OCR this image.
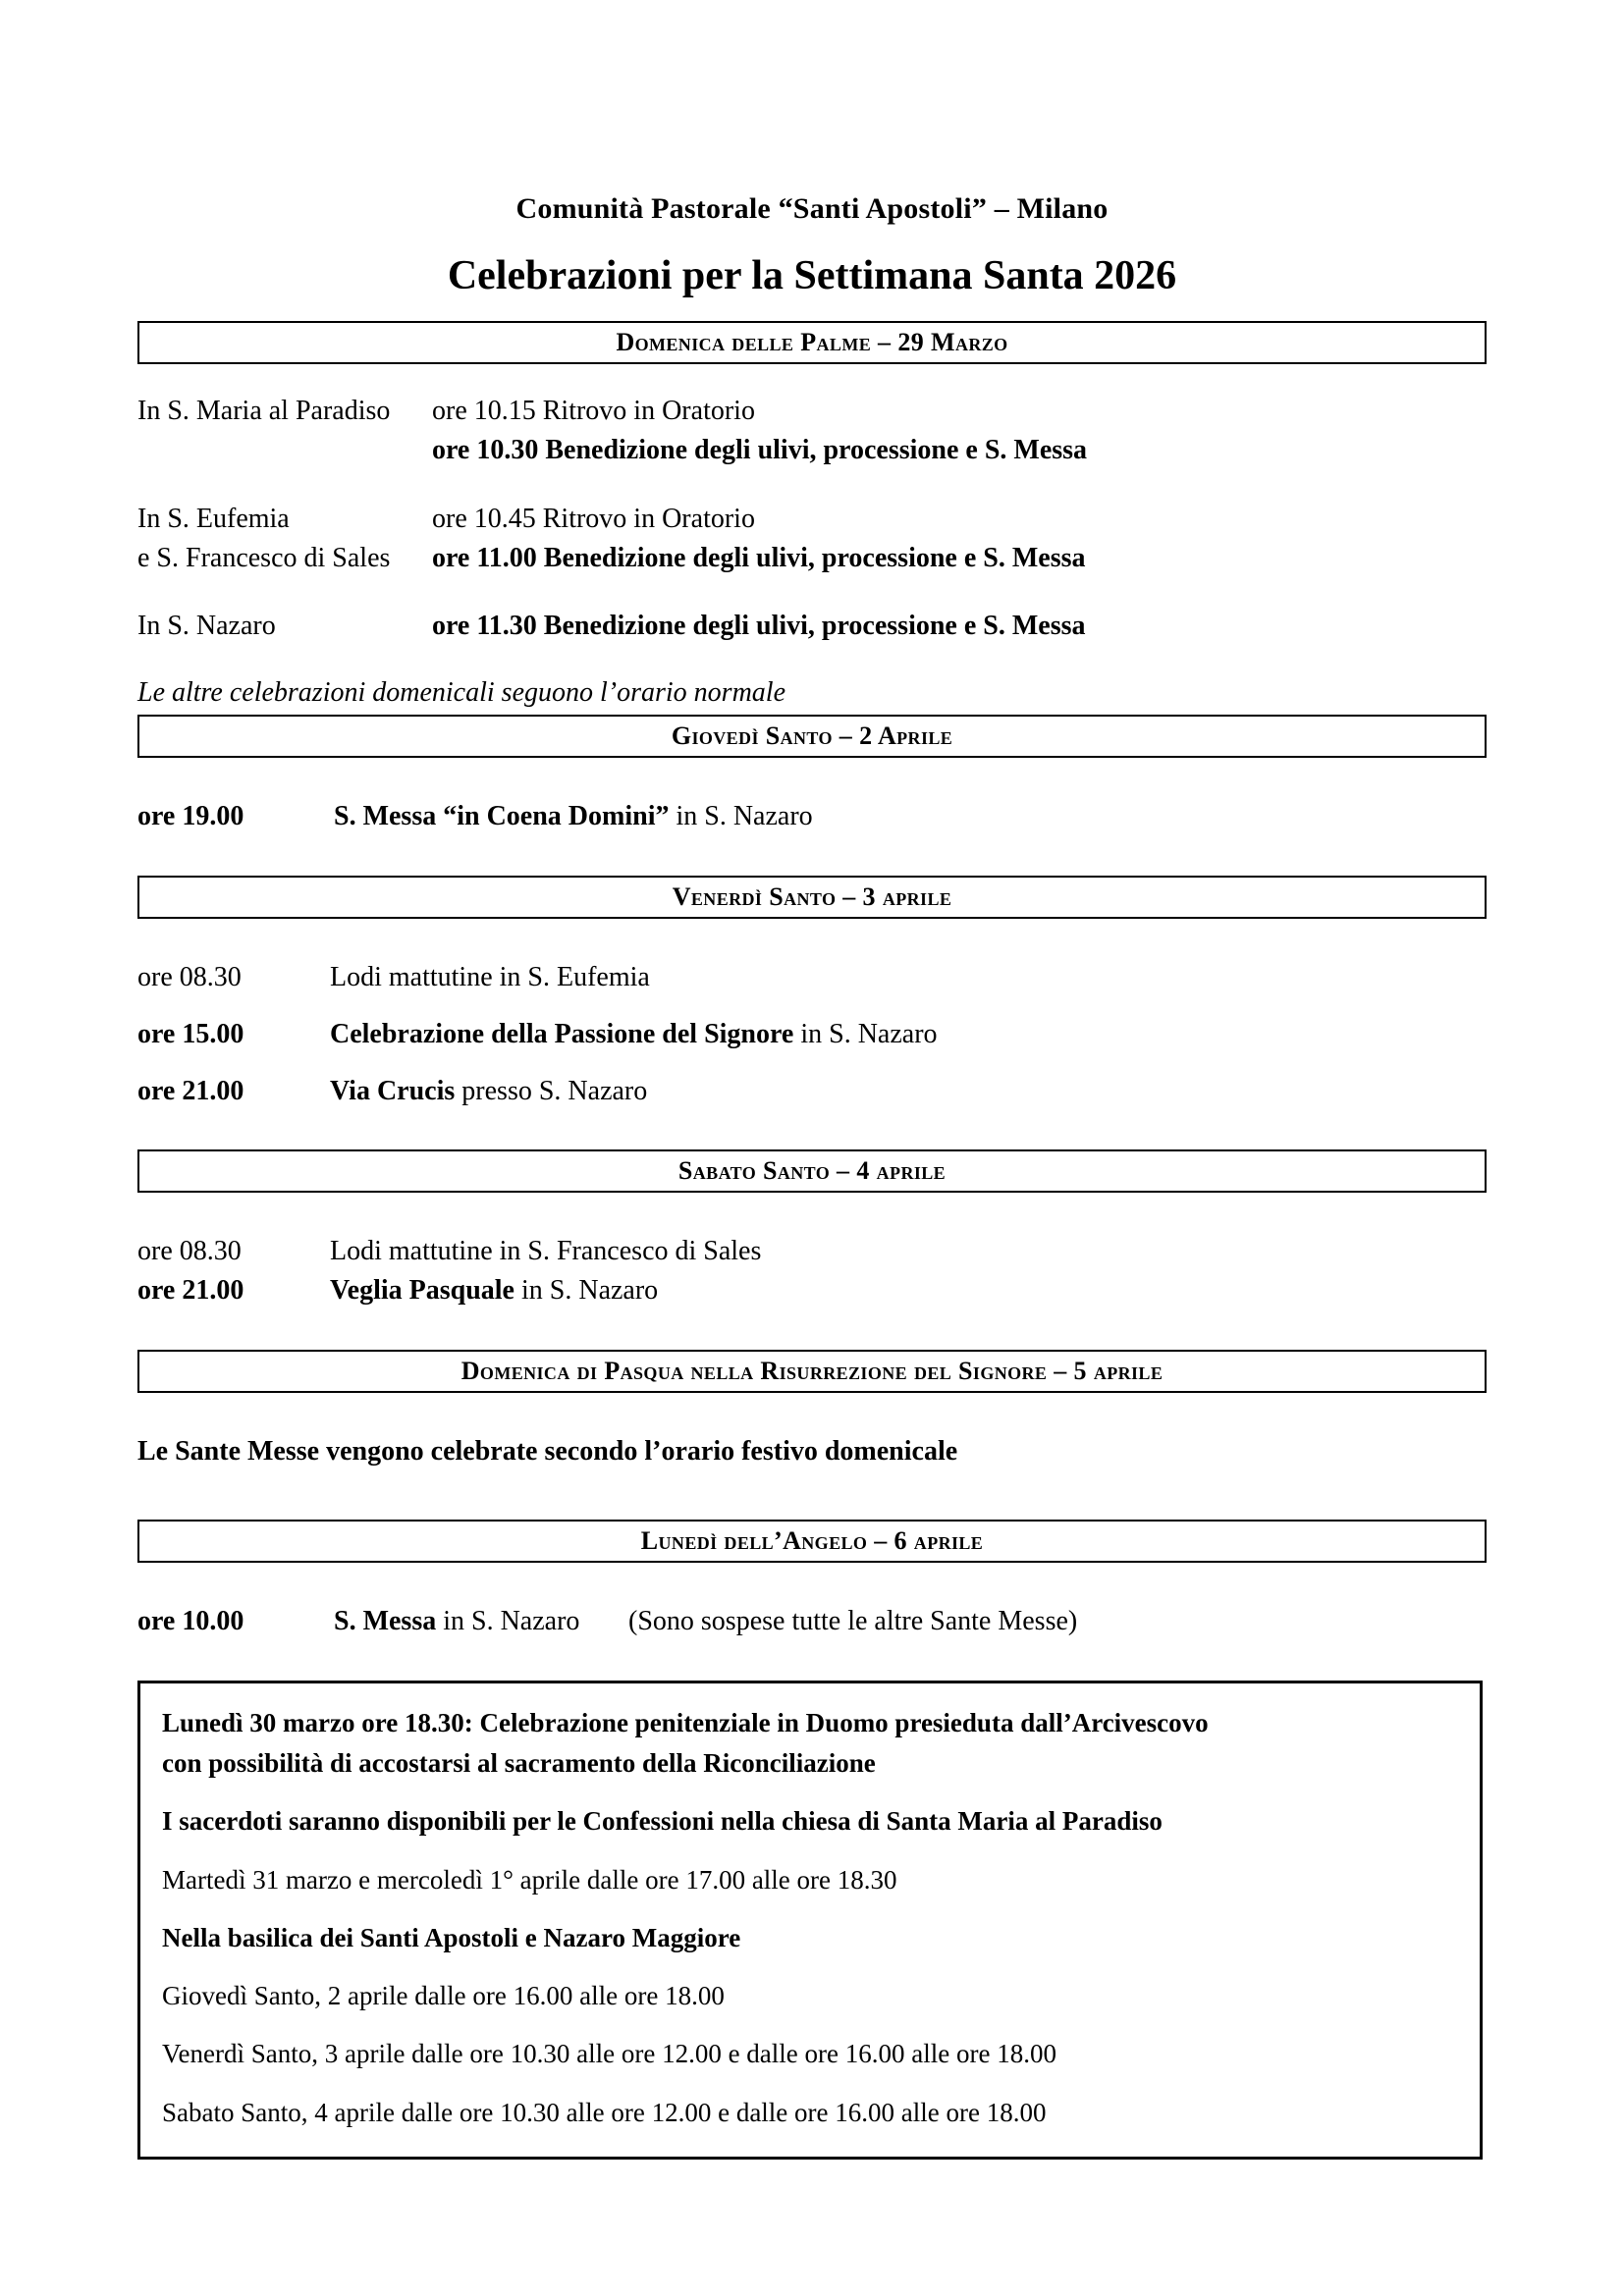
Comunità Pastorale “Santi Apostoli” – Milano
Celebrazioni per la Settimana Santa 2026
Domenica delle Palme – 29 Marzo
In S. Maria al Paradiso	ore 10.15 Ritrovo in Oratorio
ore 10.30 Benedizione degli ulivi, processione e S. Messa
In S. Eufemia	ore 10.45 Ritrovo in Oratorio
e S. Francesco di Sales	ore 11.00 Benedizione degli ulivi, processione e S. Messa
In S. Nazaro	ore 11.30 Benedizione degli ulivi, processione e S. Messa
Le altre celebrazioni domenicali seguono l’orario normale
Giovedì Santo – 2 Aprile
ore 19.00	S. Messa “in Coena Domini” in S. Nazaro
Venerdì Santo – 3 aprile
ore 08.30	Lodi mattutine in S. Eufemia
ore 15.00	Celebrazione della Passione del Signore in S. Nazaro
ore 21.00	Via Crucis presso S. Nazaro
Sabato Santo – 4 aprile
ore 08.30	Lodi mattutine in S. Francesco di Sales
ore 21.00	Veglia Pasquale in S. Nazaro
Domenica di Pasqua nella Risurrezione del Signore – 5 aprile
Le Sante Messe vengono celebrate secondo l’orario festivo domenicale
Lunedì dell’Angelo – 6 aprile
ore 10.00	S. Messa in S. Nazaro	(Sono sospese tutte le altre Sante Messe)

Lunedì 30 marzo ore 18.30: Celebrazione penitenziale in Duomo presieduta dall’Arcivescovo

con possibilità di accostarsi al sacramento della Riconciliazione

I sacerdoti saranno disponibili per le Confessioni nella chiesa di Santa Maria al Paradiso

Martedì 31 marzo e mercoledì 1° aprile dalle ore 17.00 alle ore 18.30

Nella basilica dei Santi Apostoli e Nazaro Maggiore

Giovedì Santo, 2 aprile dalle ore 16.00 alle ore 18.00

Venerdì Santo, 3 aprile dalle ore 10.30 alle ore 12.00 e dalle ore 16.00 alle ore 18.00

Sabato Santo, 4 aprile dalle ore 10.30 alle ore 12.00 e dalle ore 16.00 alle ore 18.00
